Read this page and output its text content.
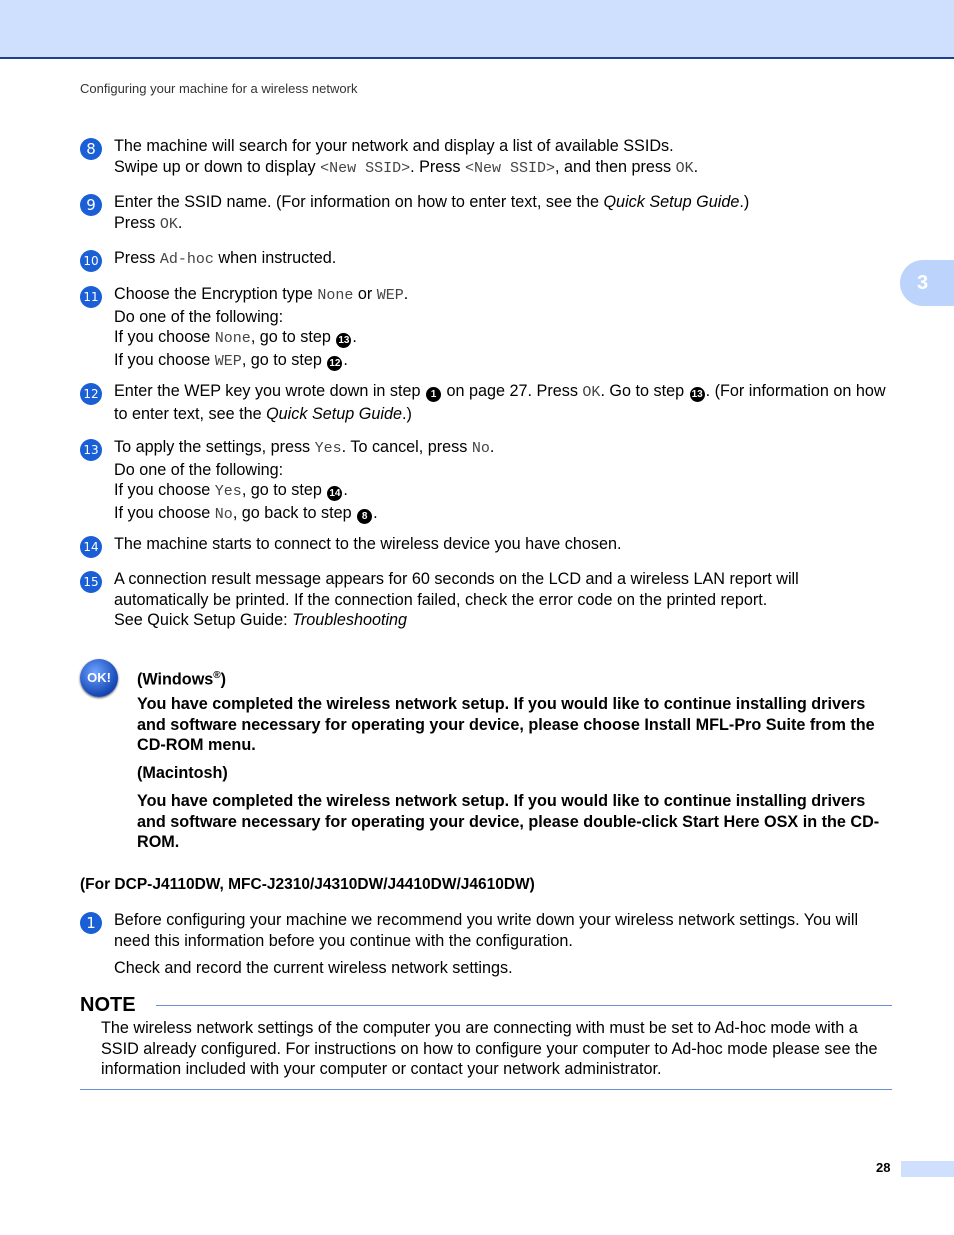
Configuring your machine for a wireless network
3
8	The machine will search for your network and display a list of available SSIDs.
Swipe up or down to display <New SSID>. Press <New SSID>, and then press OK.
9	Enter the SSID name. (For information on how to enter text, see the Quick Setup Guide.)
Press OK.
10 Press Ad-hoc when instructed.
11 Choose the Encryption type None or WEP.
Do one of the following:
If you choose None, go to step 13 .
If you choose WEP, go to step 12 .
12 Enter the WEP key you wrote down in step 1 on page 27. Press OK. Go to step 13 . (For information on how to enter text, see the Quick Setup Guide.)
13 To apply the settings, press Yes. To cancel, press No.
Do one of the following:
If you choose Yes, go to step 14 .
If you choose No, go back to step 8 .
14 The machine starts to connect to the wireless device you have chosen.
15 A connection result message appears for 60 seconds on the LCD and a wireless LAN report will automatically be printed. If the connection failed, check the error code on the printed report.
See Quick Setup Guide: Troubleshooting
OK!	(Windows®)
You have completed the wireless network setup. If you would like to continue installing drivers and software necessary for operating your device, please choose Install MFL-Pro Suite from the CD-ROM menu.
(Macintosh)
You have completed the wireless network setup. If you would like to continue installing drivers and software necessary for operating your device, please double-click Start Here OSX in the CD-ROM.
(For DCP-J4110DW, MFC-J2310/J4310DW/J4410DW/J4610DW)
1	Before configuring your machine we recommend you write down your wireless network settings. You will need this information before you continue with the configuration.
Check and record the current wireless network settings.
NOTE
The wireless network settings of the computer you are connecting with must be set to Ad-hoc mode with a SSID already configured. For instructions on how to configure your computer to Ad-hoc mode please see the information included with your computer or contact your network administrator.
28
